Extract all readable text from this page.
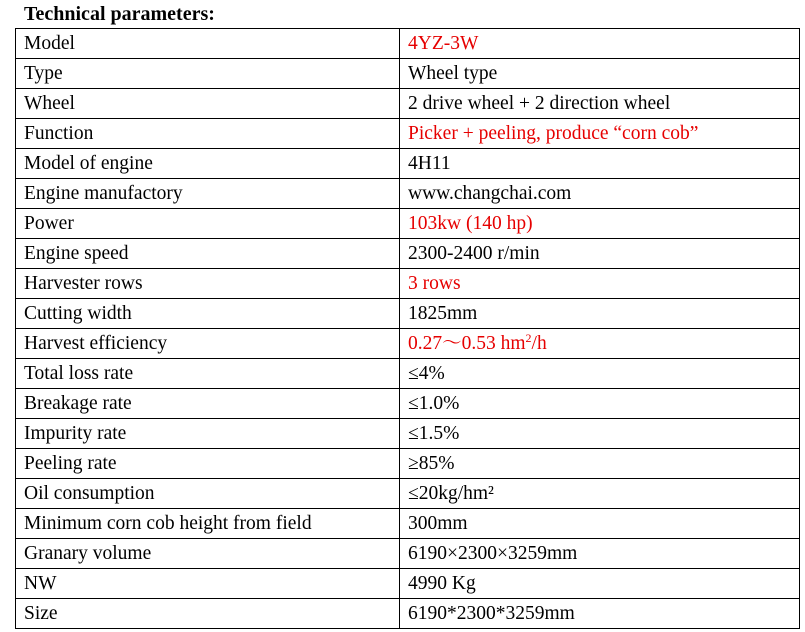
Technical parameters:
Model	4YZ-3W
Type	Wheel type
Wheel	2 drive wheel + 2 direction wheel
Function	Picker + peeling, produce “corn cob”
Model of engine	4H11
Engine manufactory	www.changchai.com
Power	103kw (140 hp)
Engine speed	2300-2400 r/min
Harvester rows	3 rows
Cutting width	1825mm
Harvest efficiency	0.27～0.53 $hm^2/h$
Total loss rate	≤4%
Breakage rate	≤1.0%
Impurity rate	≤1.5%
Peeling rate	≥85%
Oil consumption	≤20kg/hm²
Minimum corn cob height from field	300mm
Granary volume	6190×2300×3259mm
NW	4990 Kg
Size	6190*2300*3259mm
